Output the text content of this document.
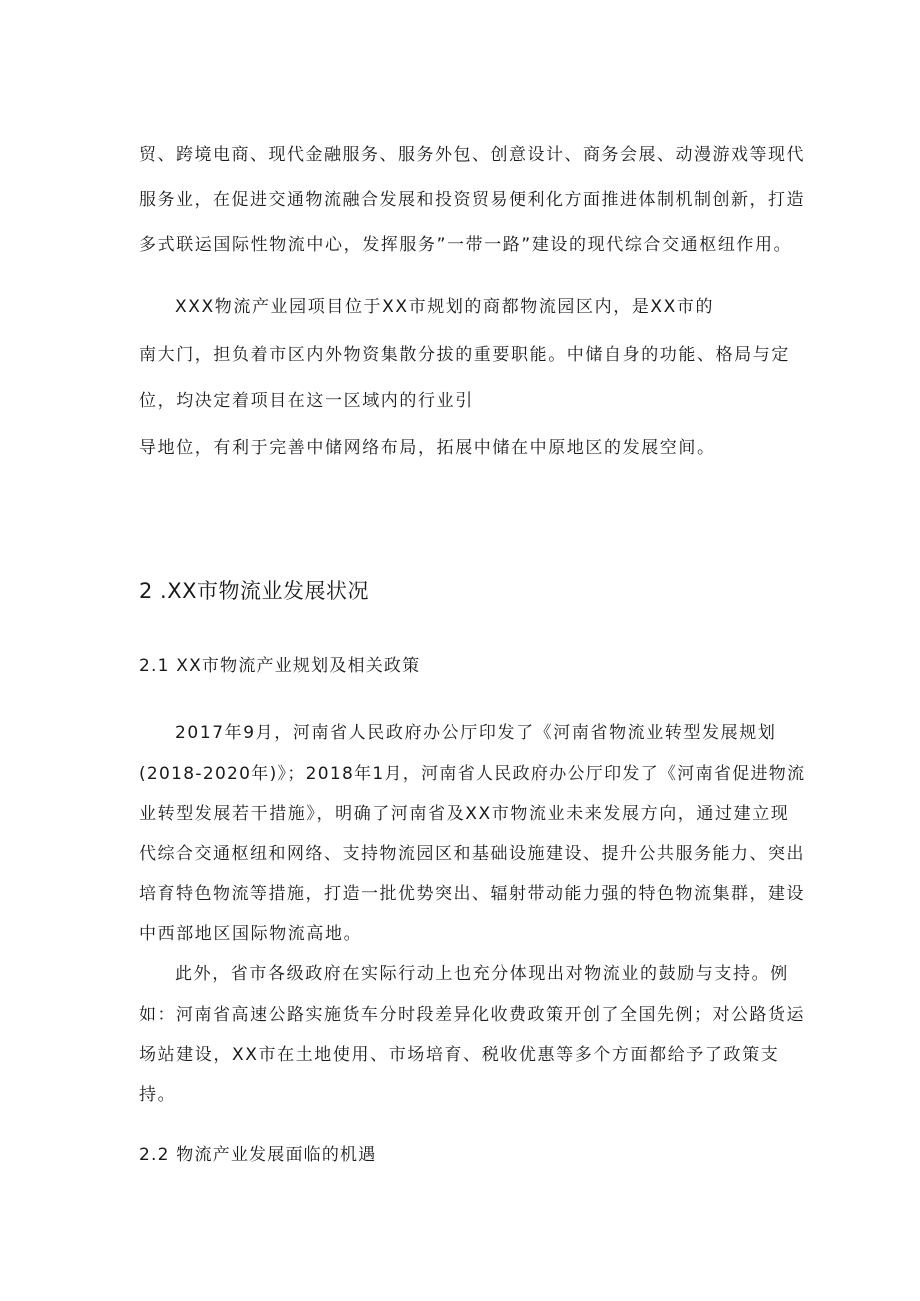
贸、跨境电商、现代金融服务、服务外包、创意设计、商务会展、动漫游戏等现代
服务业，在促进交通物流融合发展和投资贸易便利化方面推进体制机制创新，打造
多式联运国际性物流中心，发挥服务”一带一路”建设的现代综合交通枢纽作用。
XXX物流产业园项目位于XX市规划的商都物流园区内，是XX市的
南大门，担负着市区内外物资集散分拔的重要职能。中储自身的功能、格局与定
位，均决定着项目在这一区域内的行业引
导地位，有利于完善中储网络布局，拓展中储在中原地区的发展空间。
2 .XX市物流业发展状况
2.1 XX市物流产业规划及相关政策
2017年9月，河南省人民政府办公厅印发了《河南省物流业转型发展规划
(2018-2020年)》；2018年1月，河南省人民政府办公厅印发了《河南省促进物流
业转型发展若干措施》，明确了河南省及XX市物流业未来发展方向，通过建立现
代综合交通枢纽和网络、支持物流园区和基础设施建设、提升公共服务能力、突出
培育特色物流等措施，打造一批优势突出、辐射带动能力强的特色物流集群，建设
中西部地区国际物流高地。
此外，省市各级政府在实际行动上也充分体现出对物流业的鼓励与支持。例
如：河南省高速公路实施货车分时段差异化收费政策开创了全国先例；对公路货运
场站建设，XX市在土地使用、市场培育、税收优惠等多个方面都给予了政策支
持。
2.2 物流产业发展面临的机遇
